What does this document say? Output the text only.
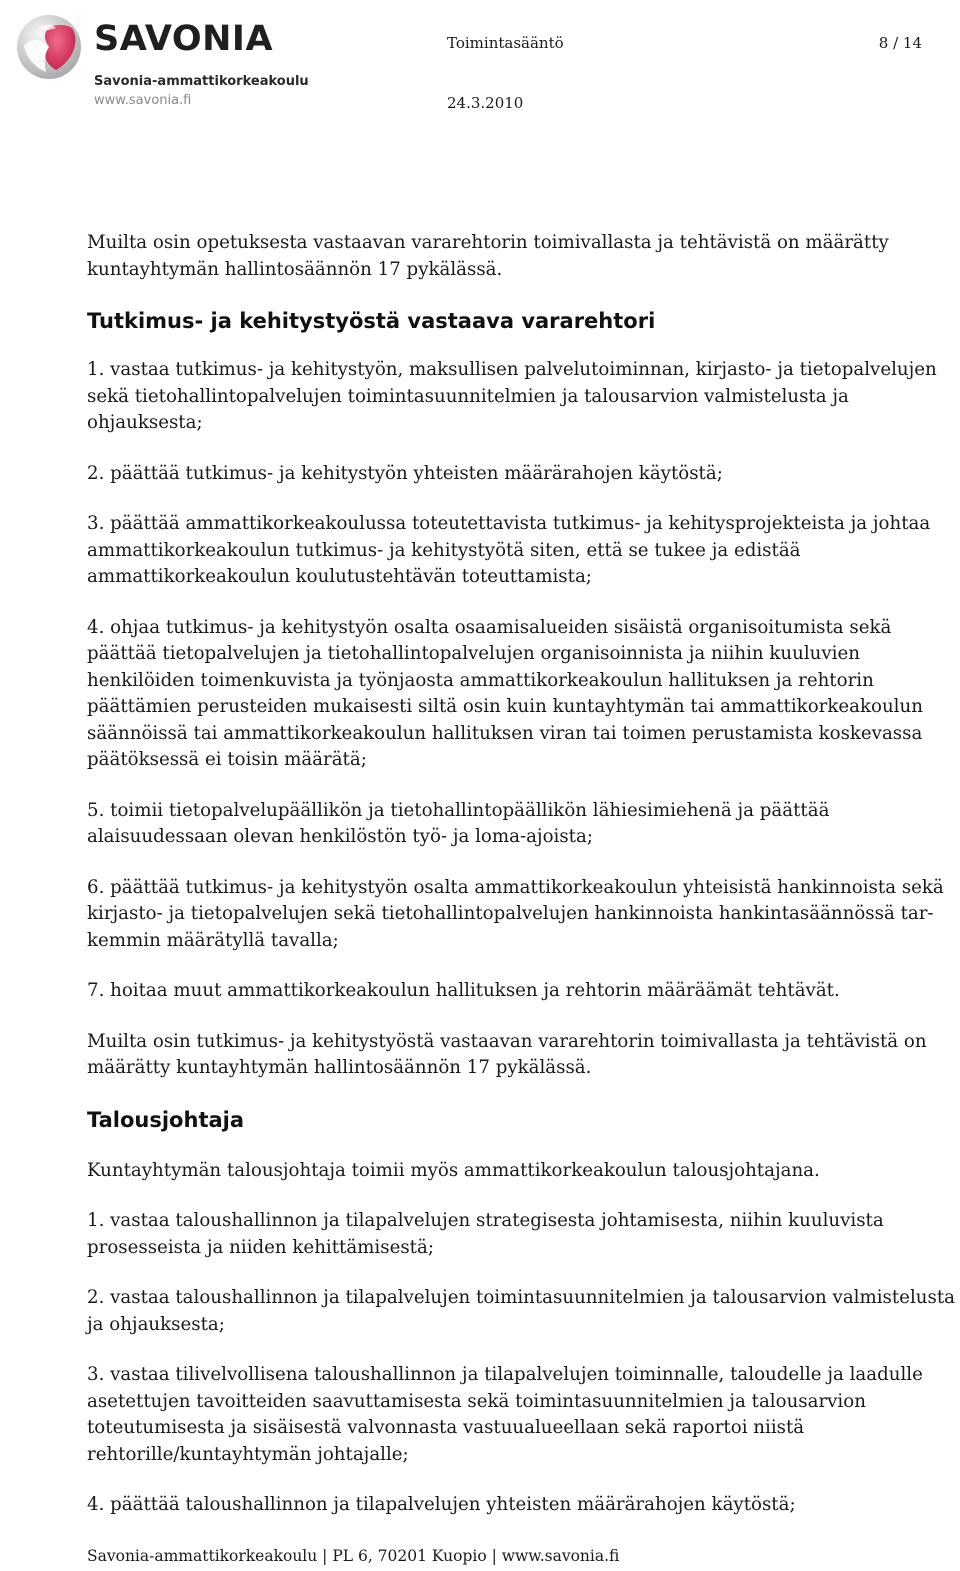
SAVONIA
Savonia-ammattikorkeakoulu
www.savonia.fi
Toimintasääntö	8 / 14
24.3.2010

Muilta osin opetuksesta vastaavan vararehtorin toimivallasta ja tehtävistä on määrätty kuntayhtymän hallintosäännön 17 pykälässä.

Tutkimus- ja kehitystyöstä vastaava vararehtori

1. vastaa tutkimus- ja kehitystyön, maksullisen palvelutoiminnan, kirjasto- ja tietopalvelujen sekä tietohallintopalvelujen toimintasuunnitelmien ja talousarvion valmistelusta ja ohjauksesta;

2. päättää tutkimus- ja kehitystyön yhteisten määrärahojen käytöstä;

3. päättää ammattikorkeakoulussa toteutettavista tutkimus- ja kehitysprojekteista ja johtaa ammattikorkeakoulun tutkimus- ja kehitystyötä siten, että se tukee ja edistää ammattikorkeakoulun koulutustehtävän toteuttamista;

4. ohjaa tutkimus- ja kehitystyön osalta osaamisalueiden sisäistä organisoitumista sekä päättää tietopalvelujen ja tietohallintopalvelujen organisoinnista ja niihin kuuluvien henkilöiden toimenkuvista ja työnjaosta ammattikorkeakoulun hallituksen ja rehtorin päättämien perusteiden mukaisesti siltä osin kuin kuntayhtymän tai ammattikorkeakoulun säännöissä tai ammattikorkeakoulun hallituksen viran tai toimen perustamista koskevassa päätöksessä ei toisin määrätä;

5. toimii tietopalvelupäällikön ja tietohallintopäällikön lähiesimiehenä ja päättää alaisuudessaan olevan henkilöstön työ- ja loma-ajoista;

6. päättää tutkimus- ja kehitystyön osalta ammattikorkeakoulun yhteisistä hankinnoista sekä kirjasto- ja tietopalvelujen sekä tietohallintopalvelujen hankinnoista hankintasäännössä tar-kemmin määrätyllä tavalla;

7. hoitaa muut ammattikorkeakoulun hallituksen ja rehtorin määräämät tehtävät.

Muilta osin tutkimus- ja kehitystyöstä vastaavan vararehtorin toimivallasta ja tehtävistä on määrätty kuntayhtymän hallintosäännön 17 pykälässä.

Talousjohtaja

Kuntayhtymän talousjohtaja toimii myös ammattikorkeakoulun talousjohtajana.

1. vastaa taloushallinnon ja tilapalvelujen strategisesta johtamisesta, niihin kuuluvista prosesseista ja niiden kehittämisestä;

2. vastaa taloushallinnon ja tilapalvelujen toimintasuunnitelmien ja talousarvion valmistelusta ja ohjauksesta;

3. vastaa tilivelvollisena taloushallinnon ja tilapalvelujen toiminnalle, taloudelle ja laadulle asetettujen tavoitteiden saavuttamisesta sekä toimintasuunnitelmien ja talousarvion toteutumisesta ja sisäisestä valvonnasta vastuualueellaan sekä raportoi niistä rehtorille/kuntayhtymän johtajalle;

4. päättää taloushallinnon ja tilapalvelujen yhteisten määrärahojen käytöstä;

Savonia-ammattikorkeakoulu | PL 6, 70201 Kuopio | www.savonia.fi
